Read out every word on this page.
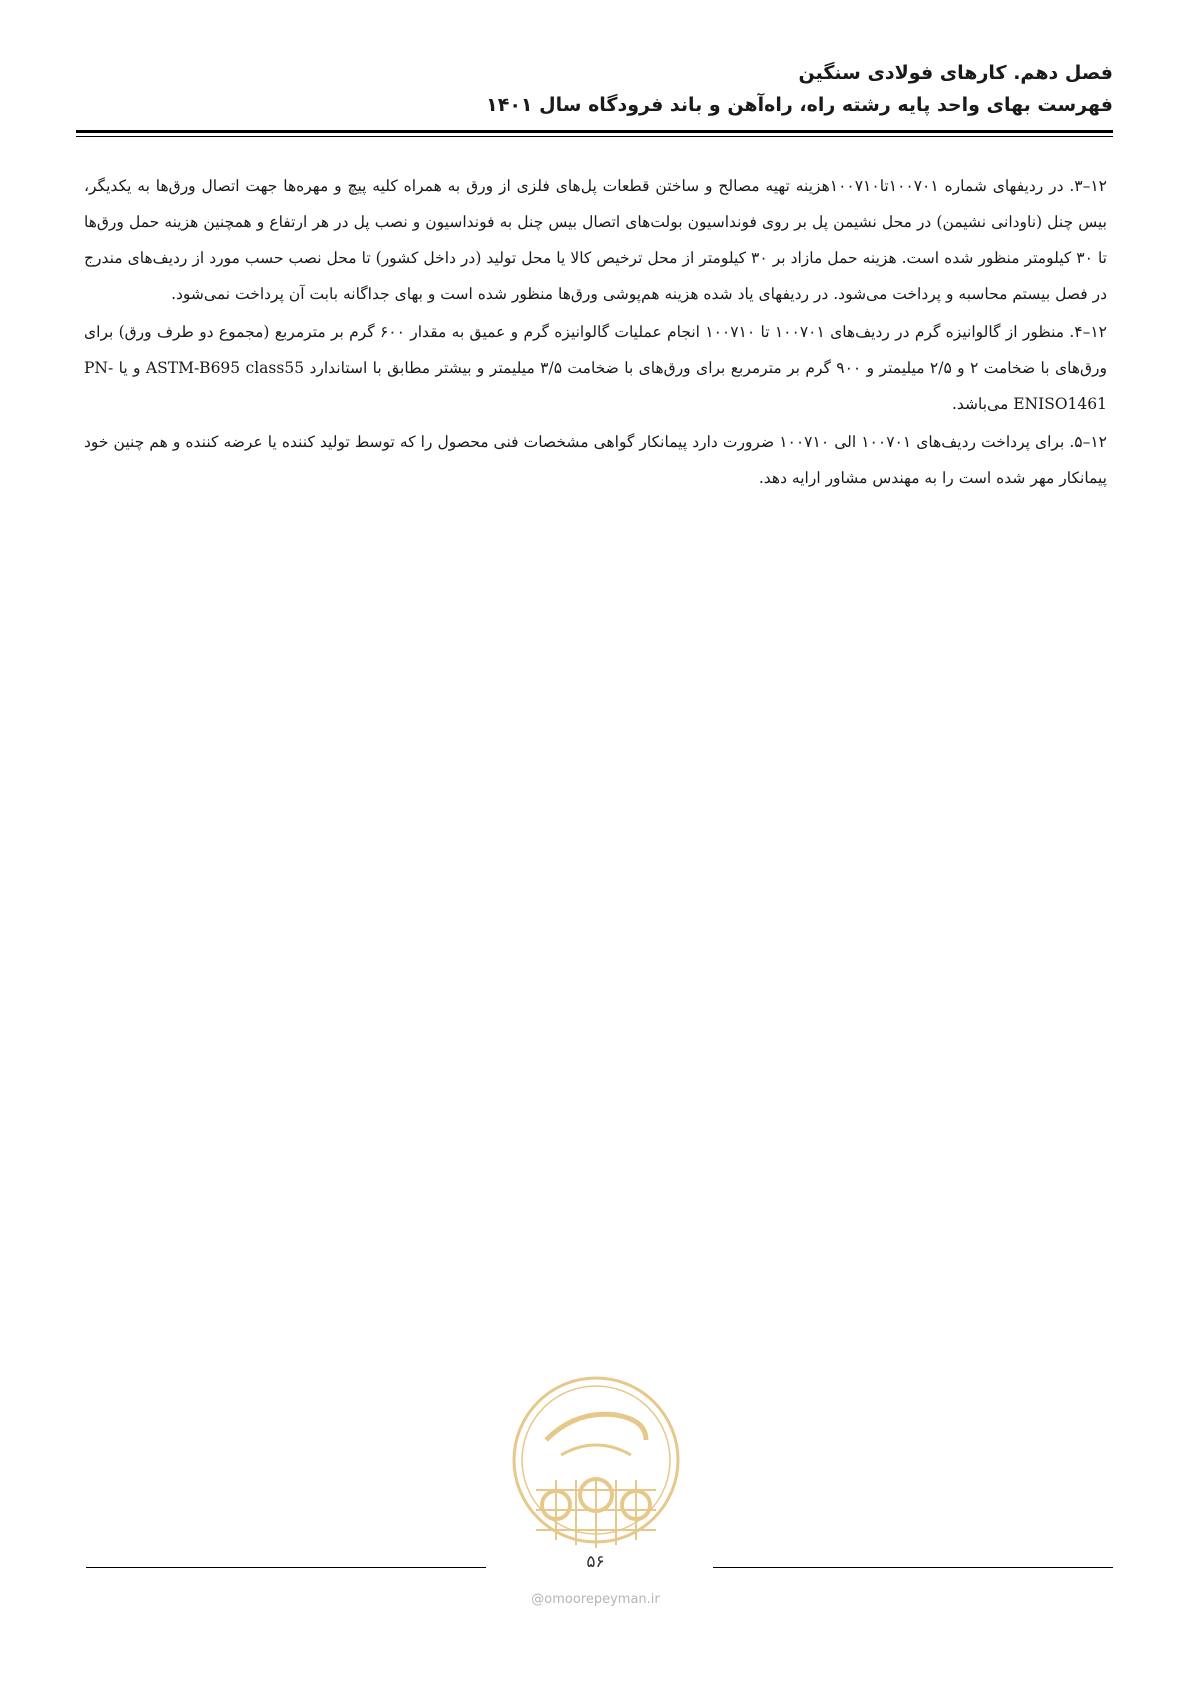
فصل دهم. کارهای فولادی سنگین
فهرست بهای واحد پایه رشته راه، راه‌آهن و باند فرودگاه سال ۱۴۰۱

۱۲–۳. در ردیفهای شماره ۱۰۰۷۰۱تا۱۰۰۷۱۰هزینه تهیه مصالح و ساختن قطعات پل‌های فلزی از ورق به همراه کلیه پیچ و مهره‌ها جهت اتصال ورق‌ها به یکدیگر، بیس چنل (ناودانی نشیمن) در محل نشیمن پل بر روی فونداسیون بولت‌های اتصال بیس چنل به فونداسیون و نصب پل در هر ارتفاع و همچنین هزینه حمل ورق‌ها تا ۳۰ کیلومتر منظور شده است. هزینه حمل مازاد بر ۳۰ کیلومتر از محل ترخیص کالا یا محل تولید (در داخل کشور) تا محل نصب حسب مورد از ردیف‌های مندرج در فصل بیستم محاسبه و پرداخت می‌شود. در ردیفهای یاد شده هزینه هم‌پوشی ورق‌ها منظور شده است و بهای جداگانه بابت آن پرداخت نمی‌شود.

۱۲–۴. منظور از گالوانیزه گرم در ردیف‌های ۱۰۰۷۰۱ تا ۱۰۰۷۱۰ انجام عملیات گالوانیزه گرم و عمیق به مقدار ۶۰۰ گرم بر مترمربع (مجموع دو طرف ورق) برای ورق‌های با ضخامت ۲ و ۲/۵ میلیمتر و ۹۰۰ گرم بر مترمربع برای ورق‌های با ضخامت ۳/۵ میلیمتر و بیشتر مطابق با استاندارد ASTM-B695 class55 و یا PN-ENISO1461 می‌باشد.

۱۲–۵. برای پرداخت ردیف‌های ۱۰۰۷۰۱ الی ۱۰۰۷۱۰ ضرورت دارد پیمانکار گواهی مشخصات فنی محصول را که توسط تولید کننده یا عرضه کننده و هم چنین خود پیمانکار مهر شده است را به مهندس مشاور ارایه دهد.

۵۶
@omoorepeyman.ir
